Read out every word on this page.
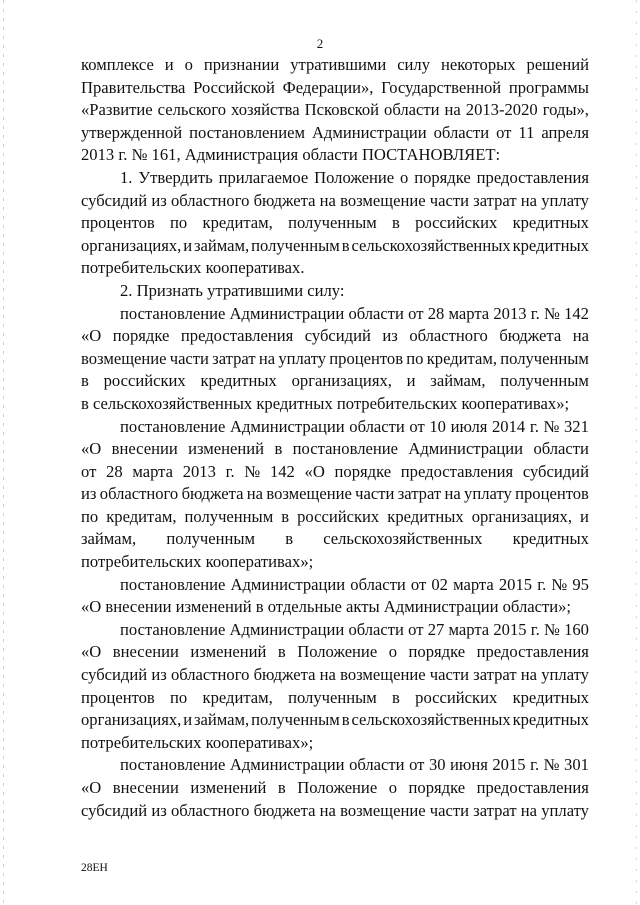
2
комплексе и о признании утратившими силу некоторых решений
Правительства Российской Федерации», Государственной программы
«Развитие сельского хозяйства Псковской области на 2013-2020 годы»,
утвержденной постановлением Администрации области от 11 апреля
2013 г. № 161, Администрация области ПОСТАНОВЛЯЕТ:
1. Утвердить прилагаемое Положение о порядке предоставления
субсидий из областного бюджета на возмещение части затрат на уплату
процентов по кредитам, полученным в российских кредитных
организациях, и займам, полученным в сельскохозяйственных кредитных
потребительских кооперативах.
2. Признать утратившими силу:
постановление Администрации области от 28 марта 2013 г. № 142
«О порядке предоставления субсидий из областного бюджета на
возмещение части затрат на уплату процентов по кредитам, полученным
в российских кредитных организациях, и займам, полученным
в сельскохозяйственных кредитных потребительских кооперативах»;
постановление Администрации области от 10 июля 2014 г. № 321
«О внесении изменений в постановление Администрации области
от 28 марта 2013 г. № 142 «О порядке предоставления субсидий
из областного бюджета на возмещение части затрат на уплату процентов
по кредитам, полученным в российских кредитных организациях, и
займам, полученным в сельскохозяйственных кредитных
потребительских кооперативах»;
постановление Администрации области от 02 марта 2015 г. № 95
«О внесении изменений в отдельные акты Администрации области»;
постановление Администрации области от 27 марта 2015 г. № 160
«О внесении изменений в Положение о порядке предоставления
субсидий из областного бюджета на возмещение части затрат на уплату
процентов по кредитам, полученным в российских кредитных
организациях, и займам, полученным в сельскохозяйственных кредитных
потребительских кооперативах»;
постановление Администрации области от 30 июня 2015 г. № 301
«О внесении изменений в Положение о порядке предоставления
субсидий из областного бюджета на возмещение части затрат на уплату
28EH
